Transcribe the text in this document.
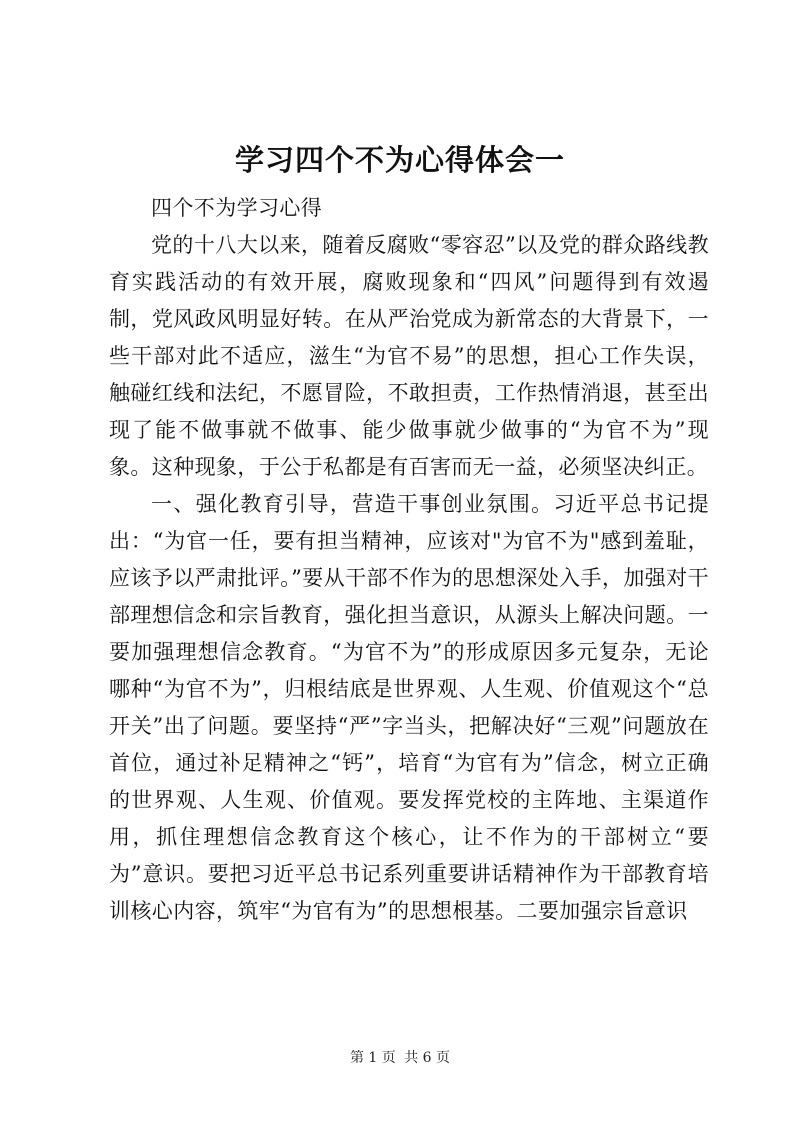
学习四个不为心得体会一

四个不为学习心得

党的十八大以来，随着反腐败“零容忍”以及党的群众路线教育实践活动的有效开展，腐败现象和“四风”问题得到有效遏制，党风政风明显好转。在从严治党成为新常态的大背景下，一些干部对此不适应，滋生“为官不易”的思想，担心工作失误，触碰红线和法纪，不愿冒险，不敢担责，工作热情消退，甚至出现了能不做事就不做事、能少做事就少做事的“为官不为”现象。这种现象，于公于私都是有百害而无一益，必须坚决纠正。

一、强化教育引导，营造干事创业氛围。习近平总书记提出：“为官一任，要有担当精神，应该对"为官不为"感到羞耻，应该予以严肃批评。”要从干部不作为的思想深处入手，加强对干部理想信念和宗旨教育，强化担当意识，从源头上解决问题。一要加强理想信念教育。“为官不为”的形成原因多元复杂，无论哪种“为官不为”，归根结底是世界观、人生观、价值观这个“总开关”出了问题。要坚持“严”字当头，把解决好“三观”问题放在首位，通过补足精神之“钙”，培育“为官有为”信念，树立正确的世界观、人生观、价值观。要发挥党校的主阵地、主渠道作用，抓住理想信念教育这个核心，让不作为的干部树立“要为”意识。要把习近平总书记系列重要讲话精神作为干部教育培训核心内容，筑牢“为官有为”的思想根基。二要加强宗旨意识

第 1 页 共 6 页
